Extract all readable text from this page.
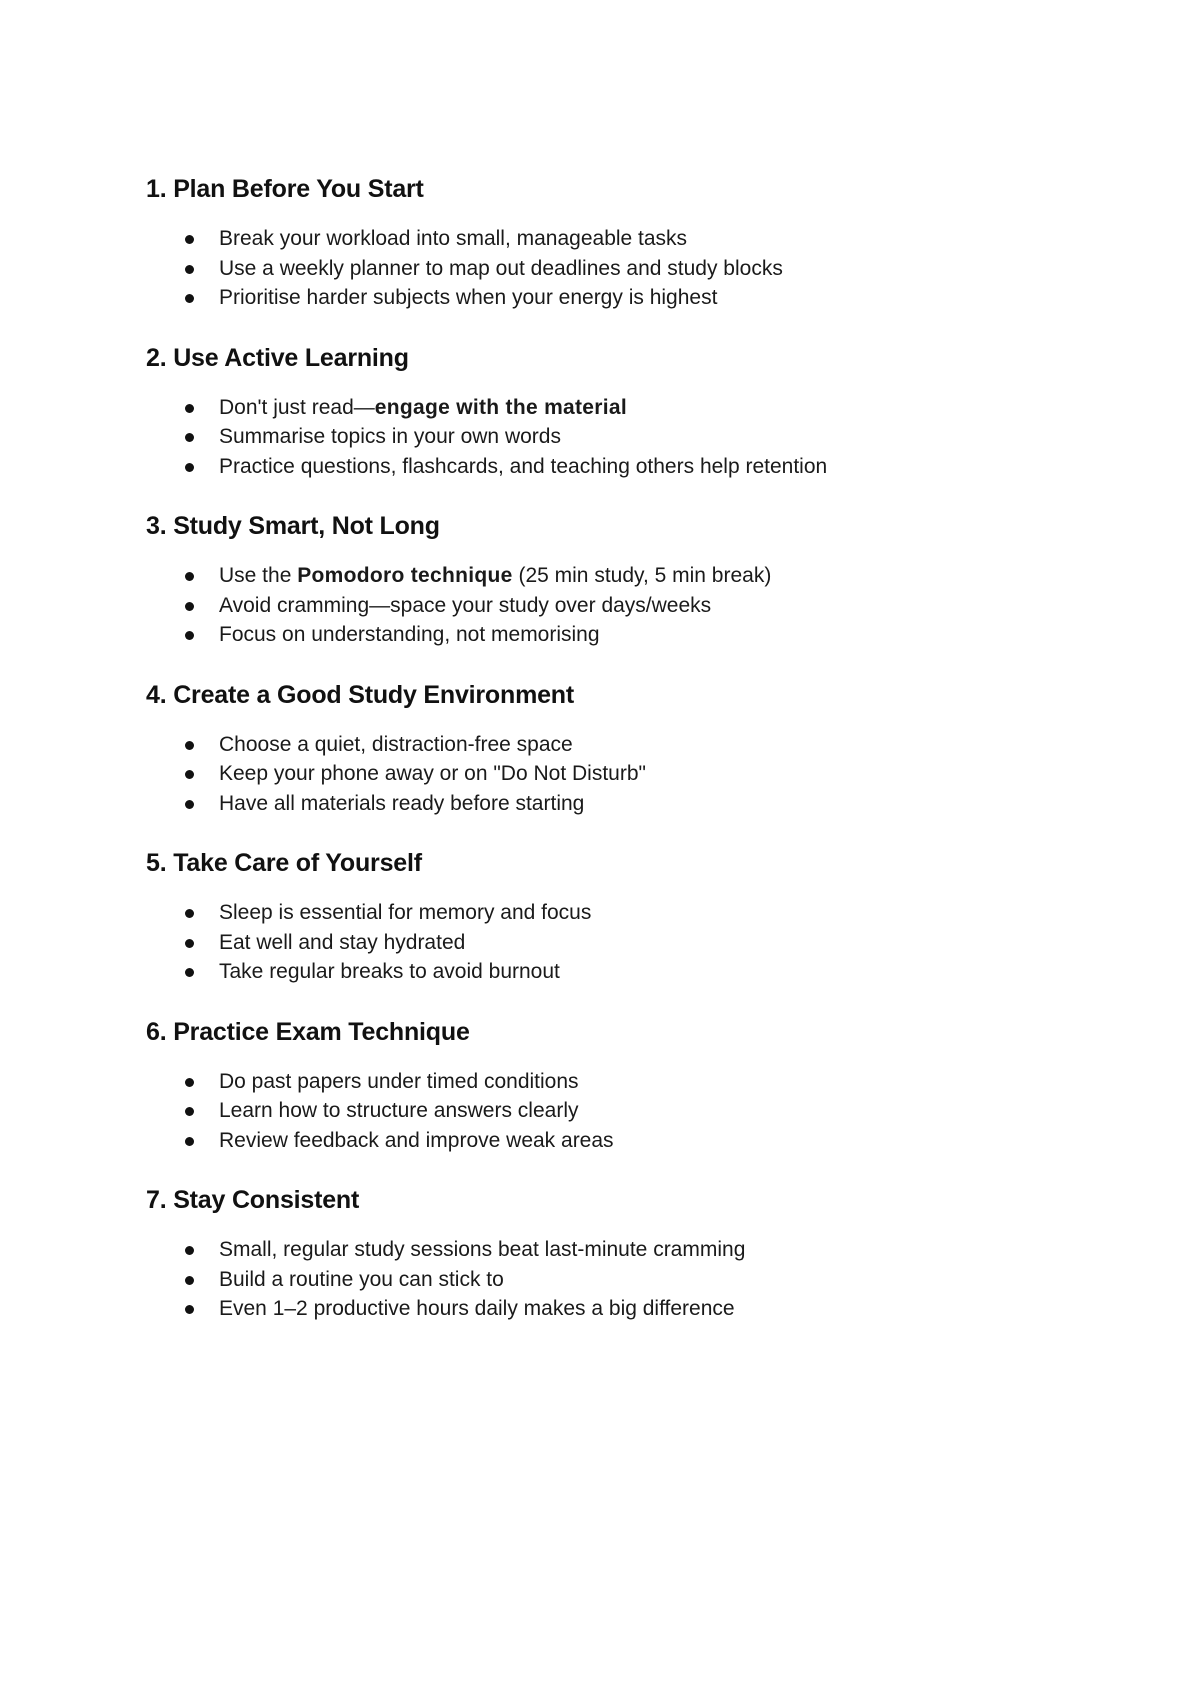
1. Plan Before You Start
Break your workload into small, manageable tasks
Use a weekly planner to map out deadlines and study blocks
Prioritise harder subjects when your energy is highest
2. Use Active Learning
Don't just read—engage with the material
Summarise topics in your own words
Practice questions, flashcards, and teaching others help retention
3. Study Smart, Not Long
Use the Pomodoro technique (25 min study, 5 min break)
Avoid cramming—space your study over days/weeks
Focus on understanding, not memorising
4. Create a Good Study Environment
Choose a quiet, distraction-free space
Keep your phone away or on "Do Not Disturb"
Have all materials ready before starting
5. Take Care of Yourself
Sleep is essential for memory and focus
Eat well and stay hydrated
Take regular breaks to avoid burnout
6. Practice Exam Technique
Do past papers under timed conditions
Learn how to structure answers clearly
Review feedback and improve weak areas
7. Stay Consistent
Small, regular study sessions beat last-minute cramming
Build a routine you can stick to
Even 1–2 productive hours daily makes a big difference
